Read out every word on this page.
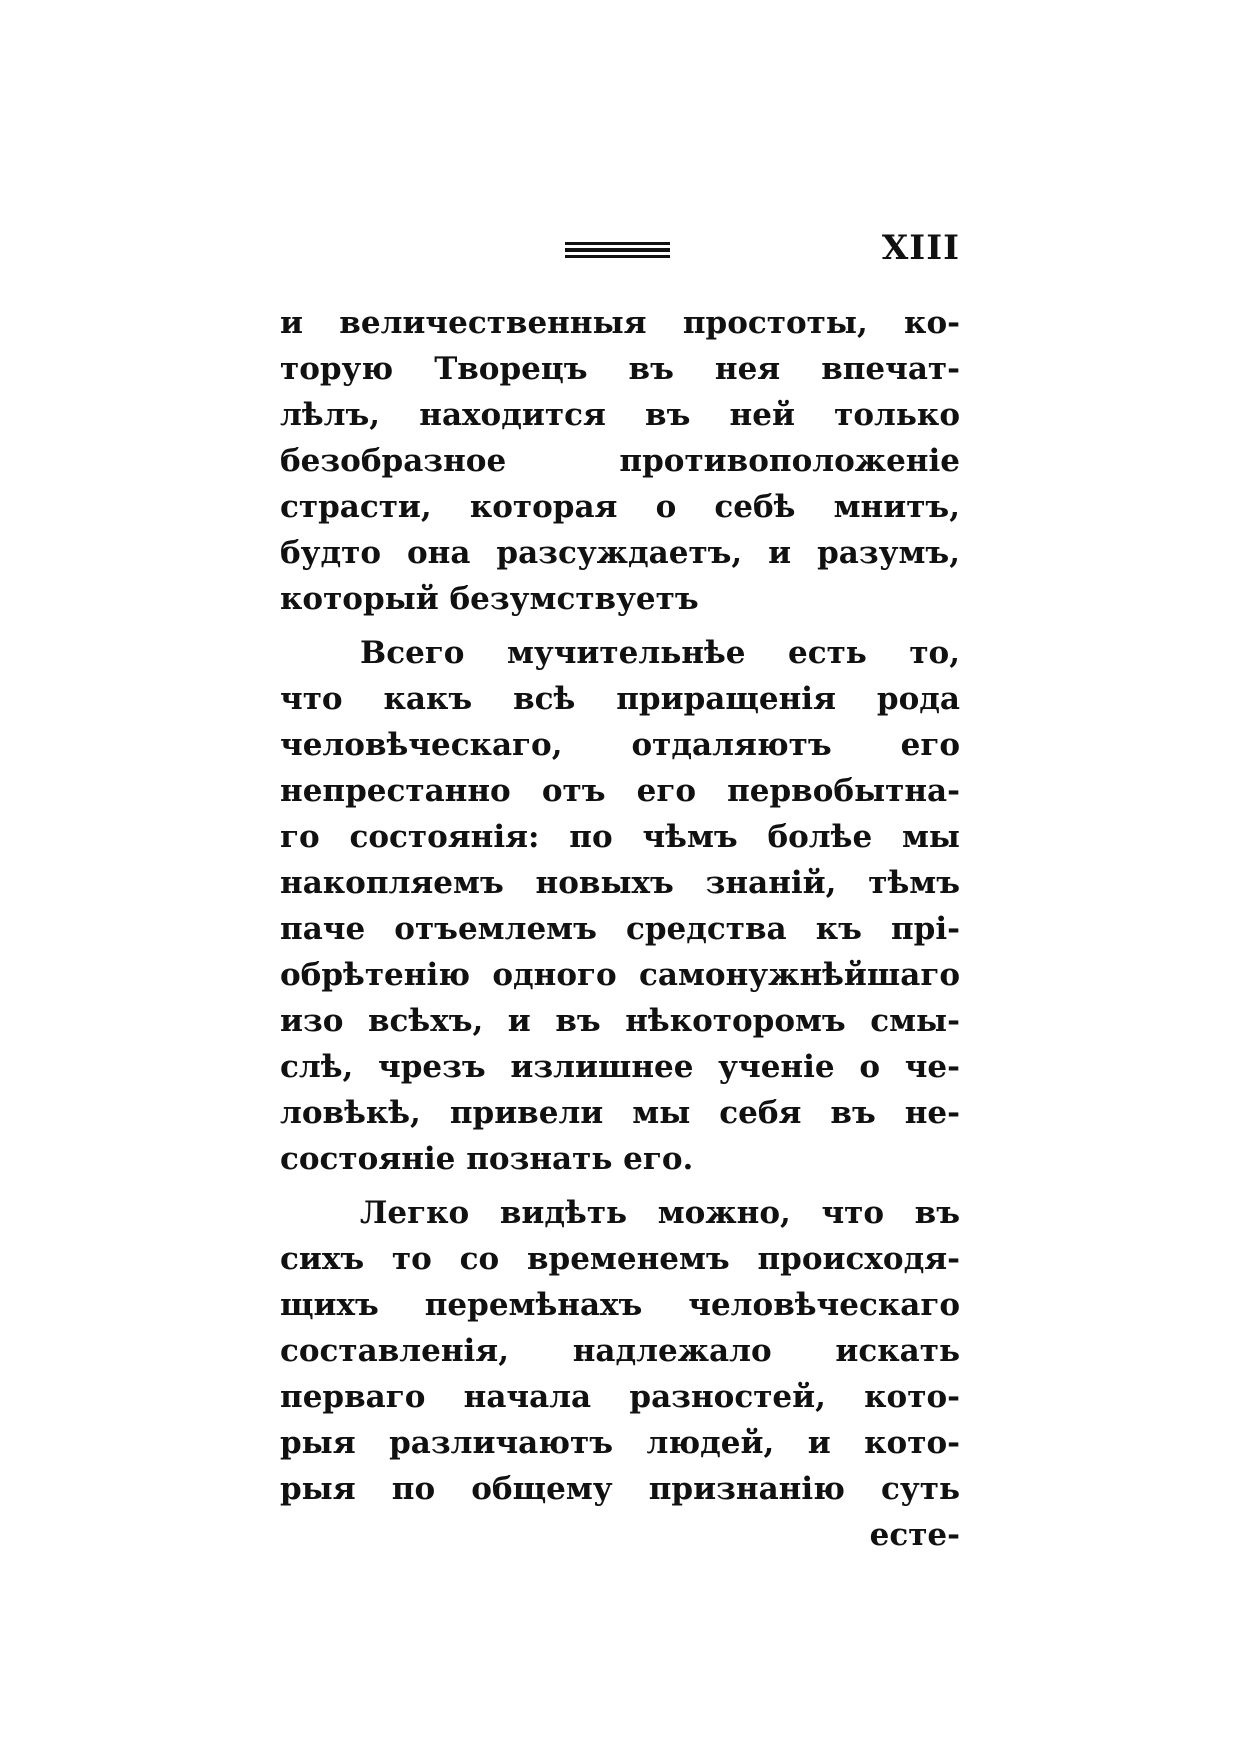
XIII
и величественныя простоты, ко-
торую Творецъ въ нея впечат-
лѣлъ, находится въ ней только
безобразное противоположеніе
страсти, которая о себѣ мнитъ,
будто она разсуждаетъ, и разумъ,
который безумствуетъ
Всего мучительнѣе есть то,
что какъ всѣ приращенія рода
человѣческаго, отдаляютъ его
непрестанно отъ его первобытна-
го состоянія: по чѣмъ болѣе мы
накопляемъ новыхъ знаній, тѣмъ
паче отъемлемъ средства къ прі-
обрѣтенію одного самонужнѣйшаго
изо всѣхъ, и въ нѣкоторомъ смы-
слѣ, чрезъ излишнее ученіе о че-
ловѣкѣ, привели мы себя въ не-
состояніе познать его.
Легко видѣть можно, что въ
сихъ то со временемъ происходя-
щихъ перемѣнахъ человѣческаго
составленія, надлежало искать
перваго начала разностей, кото-
рыя различаютъ людей, и кото-
рыя по общему признанію суть
есте-
